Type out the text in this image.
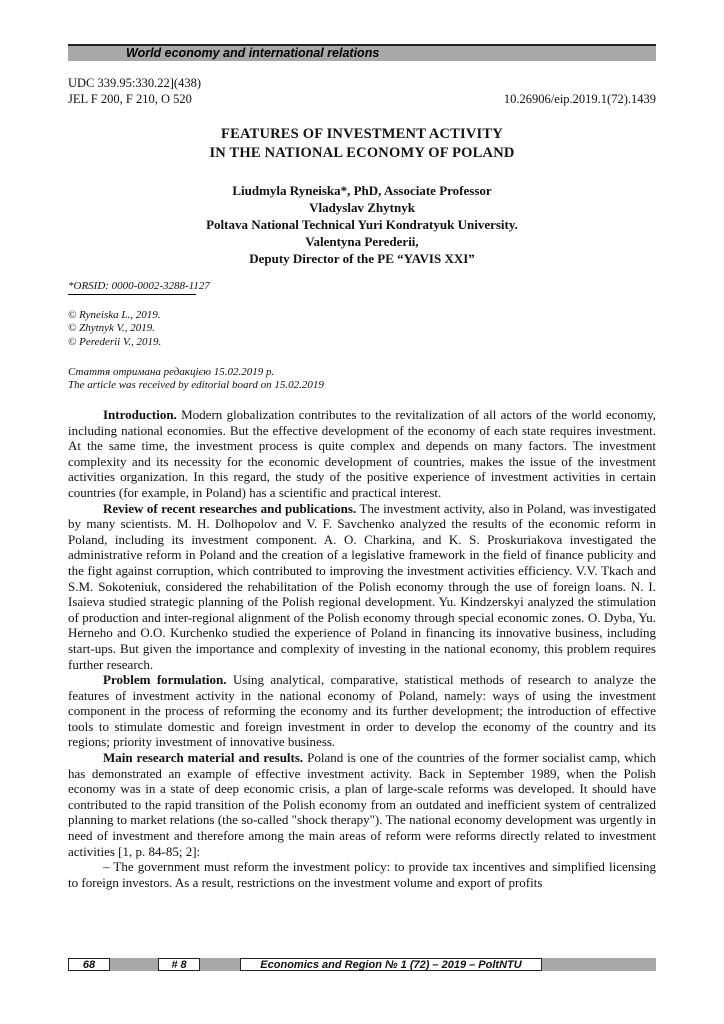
World economy and international relations
UDC 339.95:330.22](438)
JEL F 200, F 210, O 520	10.26906/eip.2019.1(72).1439
FEATURES OF INVESTMENT ACTIVITY
IN THE NATIONAL ECONOMY OF POLAND
Liudmyla Ryneiska*, PhD, Associate Professor
Vladyslav Zhytnyk
Poltava National Technical Yuri Kondratyuk University.
Valentyna Perederii,
Deputy Director of the PE “YAVIS XXI”
*ORSID: 0000-0002-3288-1127
© Ryneiska L., 2019.
© Zhytnyk V., 2019.
© Perederii V., 2019.
Стаття отримана редакцією 15.02.2019 р.
The article was received by editorial board on 15.02.2019

Introduction. Modern globalization contributes to the revitalization of all actors of the world economy, including national economies. But the effective development of the economy of each state requires investment. At the same time, the investment process is quite complex and depends on many factors. The investment complexity and its necessity for the economic development of countries, makes the issue of the investment activities organization. In this regard, the study of the positive experience of investment activities in certain countries (for example, in Poland) has a scientific and practical interest.

Review of recent researches and publications. The investment activity, also in Poland, was investigated by many scientists. M. H. Dolhopolov and V. F. Savchenko analyzed the results of the economic reform in Poland, including its investment component. A. O. Charkina, and K. S. Proskuriakova investigated the administrative reform in Poland and the creation of a legislative framework in the field of finance publicity and the fight against corruption, which contributed to improving the investment activities efficiency. V.V. Tkach and S.M. Sokoteniuk, considered the rehabilitation of the Polish economy through the use of foreign loans. N. I. Isaieva studied strategic planning of the Polish regional development. Yu. Kindzerskyi analyzed the stimulation of production and inter-regional alignment of the Polish economy through special economic zones. O. Dyba, Yu. Herneho and O.O. Kurchenko studied the experience of Poland in financing its innovative business, including start-ups. But given the importance and complexity of investing in the national economy, this problem requires further research.

Problem formulation. Using analytical, comparative, statistical methods of research to analyze the features of investment activity in the national economy of Poland, namely: ways of using the investment component in the process of reforming the economy and its further development; the introduction of effective tools to stimulate domestic and foreign investment in order to develop the economy of the country and its regions; priority investment of innovative business.

Main research material and results. Poland is one of the countries of the former socialist camp, which has demonstrated an example of effective investment activity. Back in September 1989, when the Polish economy was in a state of deep economic crisis, a plan of large-scale reforms was developed. It should have contributed to the rapid transition of the Polish economy from an outdated and inefficient system of centralized planning to market relations (the so-called "shock therapy"). The national economy development was urgently in need of investment and therefore among the main areas of reform were reforms directly related to investment activities [1, p. 84-85; 2]:

– The government must reform the investment policy: to provide tax incentives and simplified licensing to foreign investors. As a result, restrictions on the investment volume and export of profits

68	# 8	Economics and Region № 1 (72) – 2019 – PoltNTU
